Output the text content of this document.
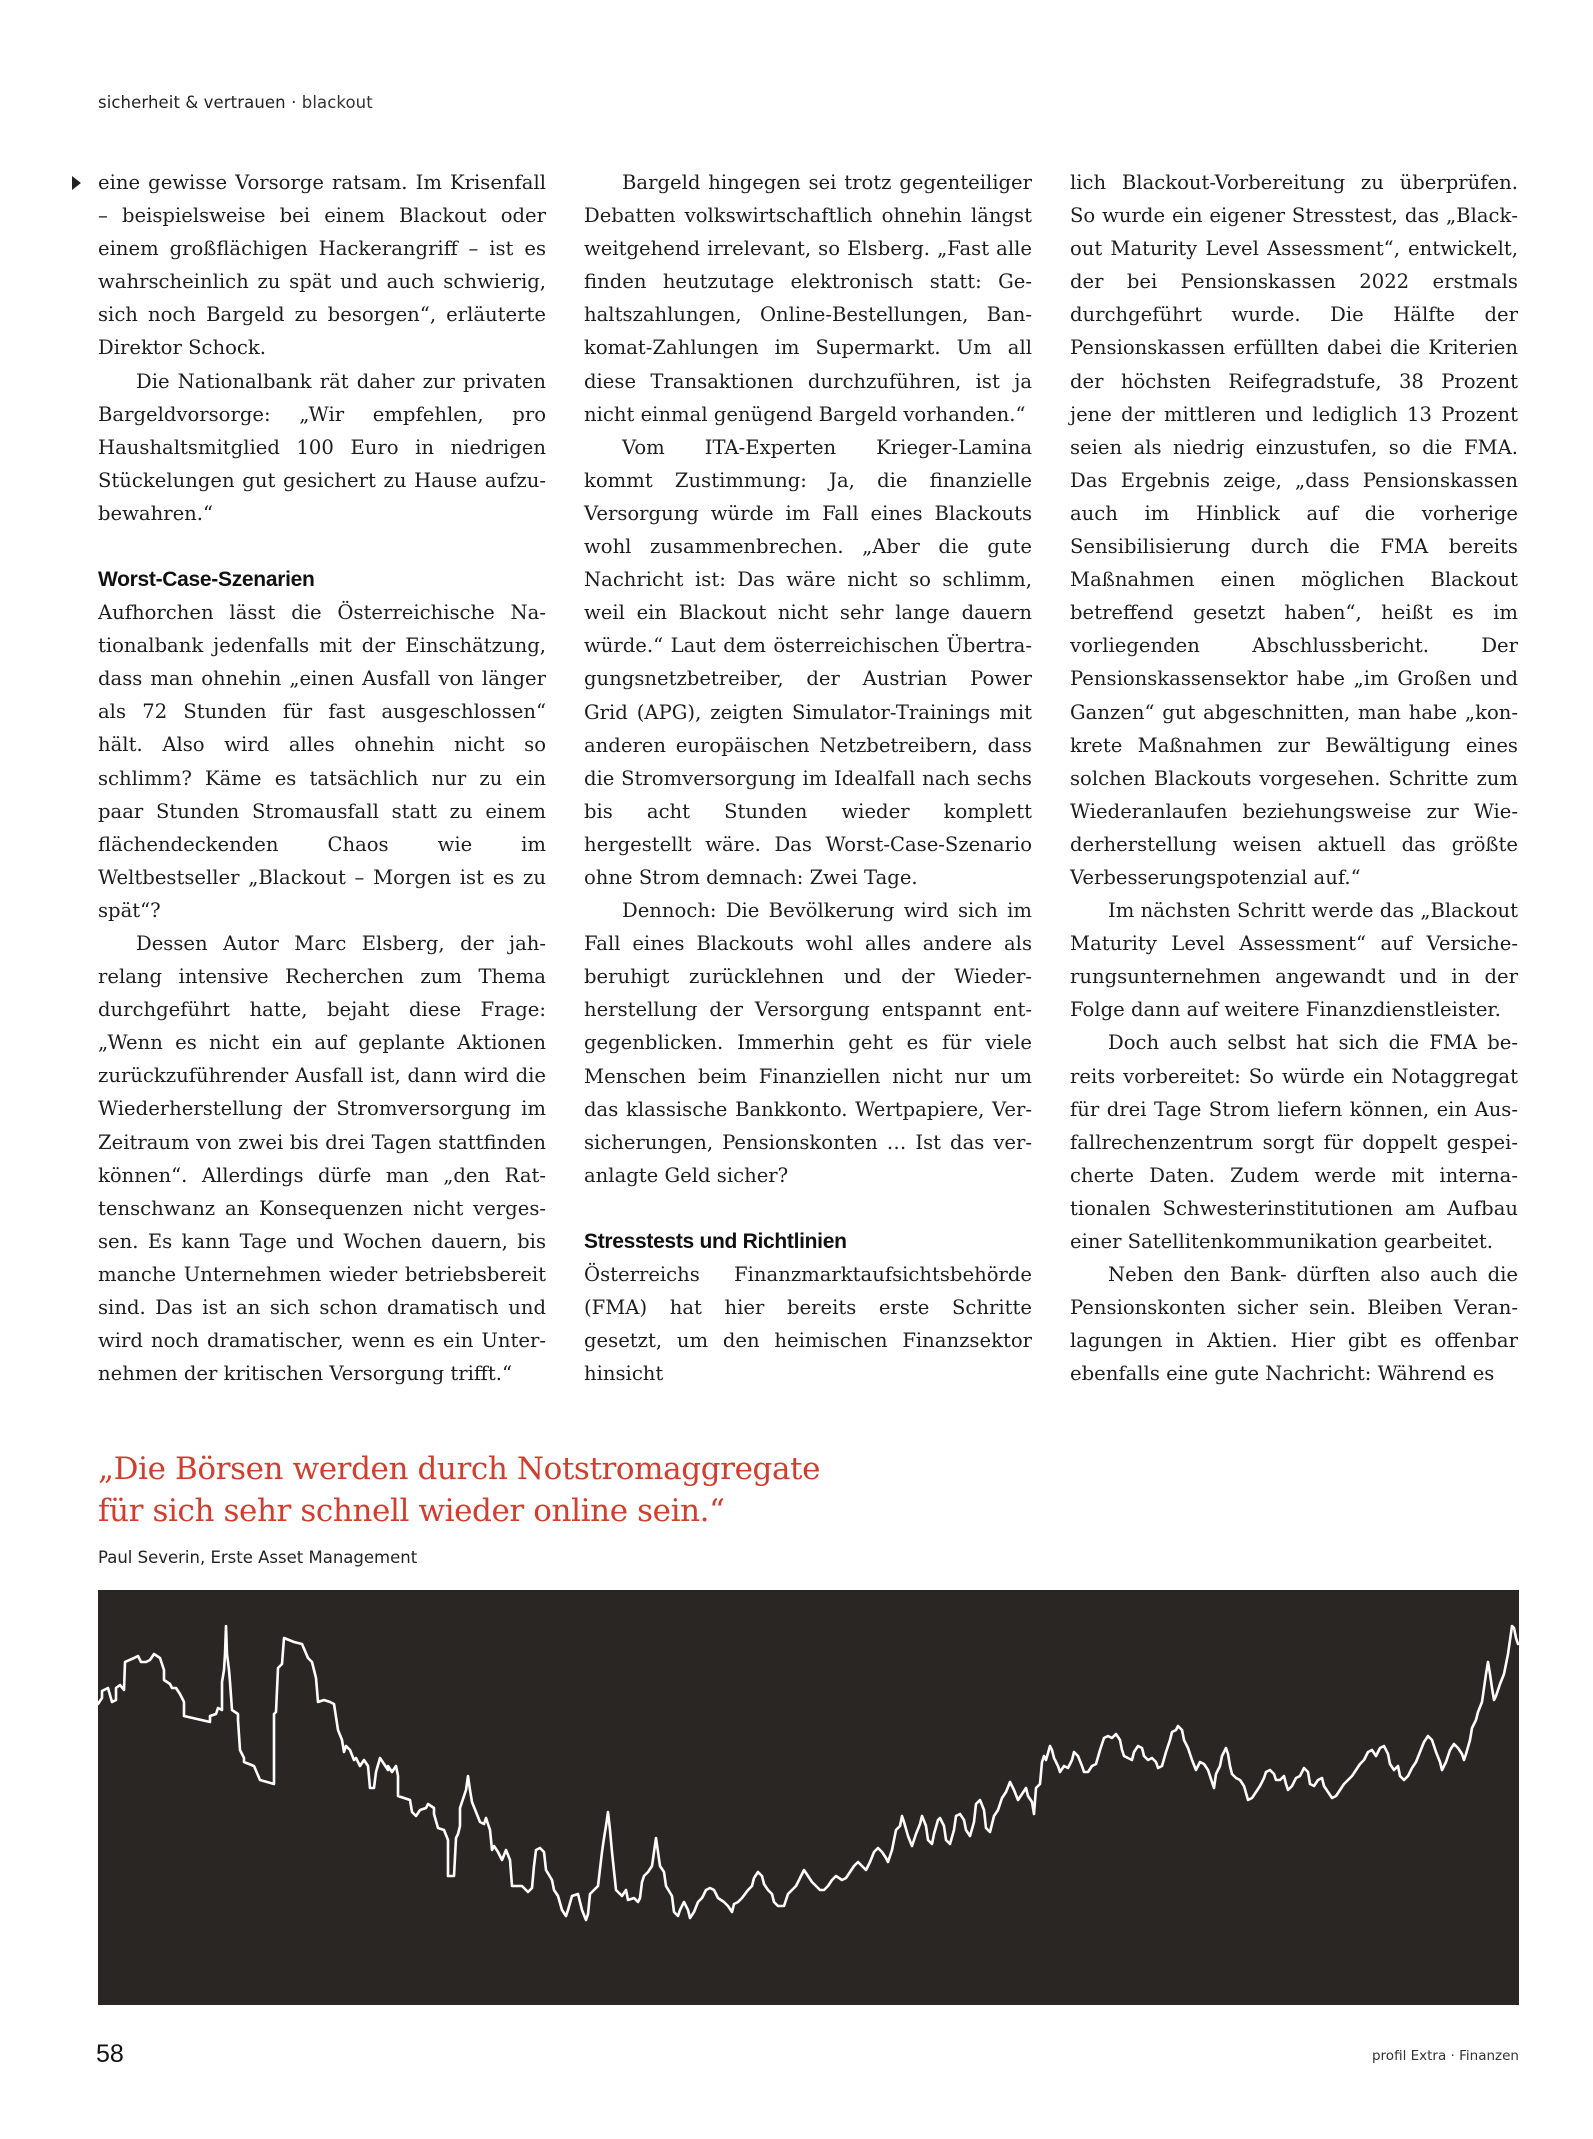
sicherheit & vertrauen · blackout

eine gewisse Vorsorge ratsam. Im Krisenfall – beispielsweise bei einem Blackout oder einem großflächigen Hackerangriff – ist es wahrscheinlich zu spät und auch schwierig, sich noch Bargeld zu besorgen“, erläuterte Direktor Schock.

Die Nationalbank rät daher zur privaten Bargeldvorsorge: „Wir empfehlen, pro Haushaltsmitglied 100 Euro in niedrigen Stückelungen gut gesichert zu Hause aufzubewahren.“

Worst-Case-Szenarien

Aufhorchen lässt die Österreichische Nationalbank jedenfalls mit der Einschätzung, dass man ohnehin „einen Ausfall von länger als 72 Stunden für fast ausgeschlossen“ hält. Also wird alles ohnehin nicht so schlimm? Käme es tatsächlich nur zu ein paar Stunden Stromausfall statt zu einem flächendeckenden Chaos wie im Weltbestseller „Blackout – Morgen ist es zu spät“?

Dessen Autor Marc Elsberg, der jahrelang intensive Recherchen zum Thema durchgeführt hatte, bejaht diese Frage: „Wenn es nicht ein auf geplante Aktionen zurückzuführender Ausfall ist, dann wird die Wiederherstellung der Stromversorgung im Zeitraum von zwei bis drei Tagen stattfinden können“. Allerdings dürfe man „den Rattenschwanz an Konsequenzen nicht vergessen. Es kann Tage und Wochen dauern, bis manche Unternehmen wieder betriebsbereit sind. Das ist an sich schon dramatisch und wird noch dramatischer, wenn es ein Unternehmen der kritischen Versorgung trifft.“

Bargeld hingegen sei trotz gegenteiliger Debatten volkswirtschaftlich ohnehin längst weitgehend irrelevant, so Elsberg. „Fast alle finden heutzutage elektronisch statt: Gehaltszahlungen, Online-Bestellungen, Bankomat-Zahlungen im Supermarkt. Um all diese Transaktionen durchzuführen, ist ja nicht einmal genügend Bargeld vorhanden.“

Vom ITA-Experten Krieger-Lamina kommt Zustimmung: Ja, die finanzielle Versorgung würde im Fall eines Blackouts wohl zusammenbrechen. „Aber die gute Nachricht ist: Das wäre nicht so schlimm, weil ein Blackout nicht sehr lange dauern würde.“ Laut dem österreichischen Übertragungsnetzbetreiber, der Austrian Power Grid (APG), zeigten Simulator-Trainings mit anderen europäischen Netzbetreibern, dass die Stromversorgung im Idealfall nach sechs bis acht Stunden wieder komplett hergestellt wäre. Das Worst-Case-Szenario ohne Strom demnach: Zwei Tage.

Dennoch: Die Bevölkerung wird sich im Fall eines Blackouts wohl alles andere als beruhigt zurücklehnen und der Wiederherstellung der Versorgung entspannt entgegenblicken. Immerhin geht es für viele Menschen beim Finanziellen nicht nur um das klassische Bankkonto. Wertpapiere, Versicherungen, Pensionskonten … Ist das veranlagte Geld sicher?

Stresstests und Richtlinien

Österreichs Finanzmarktaufsichtsbehörde (FMA) hat hier bereits erste Schritte gesetzt, um den heimischen Finanzsektor hinsicht

lich Blackout-Vorbereitung zu überprüfen. So wurde ein eigener Stresstest, das „Blackout Maturity Level Assessment“, entwickelt, der bei Pensionskassen 2022 erstmals durchgeführt wurde. Die Hälfte der Pensionskassen erfüllten dabei die Kriterien der höchsten Reifegradstufe, 38 Prozent jene der mittleren und lediglich 13 Prozent seien als niedrig einzustufen, so die FMA. Das Ergebnis zeige, „dass Pensionskassen auch im Hinblick auf die vorherige Sensibilisierung durch die FMA bereits Maßnahmen einen möglichen Blackout betreffend gesetzt haben“, heißt es im vorliegenden Abschlussbericht. Der Pensionskassensektor habe „im Großen und Ganzen“ gut abgeschnitten, man habe „konkrete Maßnahmen zur Bewältigung eines solchen Blackouts vorgesehen. Schritte zum Wiederanlaufen beziehungsweise zur Wiederherstellung weisen aktuell das größte Verbesserungspotenzial auf.“

Im nächsten Schritt werde das „Blackout Maturity Level Assessment“ auf Versicherungsunternehmen angewandt und in der Folge dann auf weitere Finanzdienstleister.

Doch auch selbst hat sich die FMA bereits vorbereitet: So würde ein Notaggregat für drei Tage Strom liefern können, ein Ausfallrechenzentrum sorgt für doppelt gespeicherte Daten. Zudem werde mit internationalen Schwesterinstitutionen am Aufbau einer Satellitenkommunikation gearbeitet.

Neben den Bank- dürften also auch die Pensionskonten sicher sein. Bleiben Veranlagungen in Aktien. Hier gibt es offenbar ebenfalls eine gute Nachricht: Während es

„Die Börsen werden durch Notstromaggregate
für sich sehr schnell wieder online sein.“
Paul Severin, Erste Asset Management
58	profil Extra · Finanzen
